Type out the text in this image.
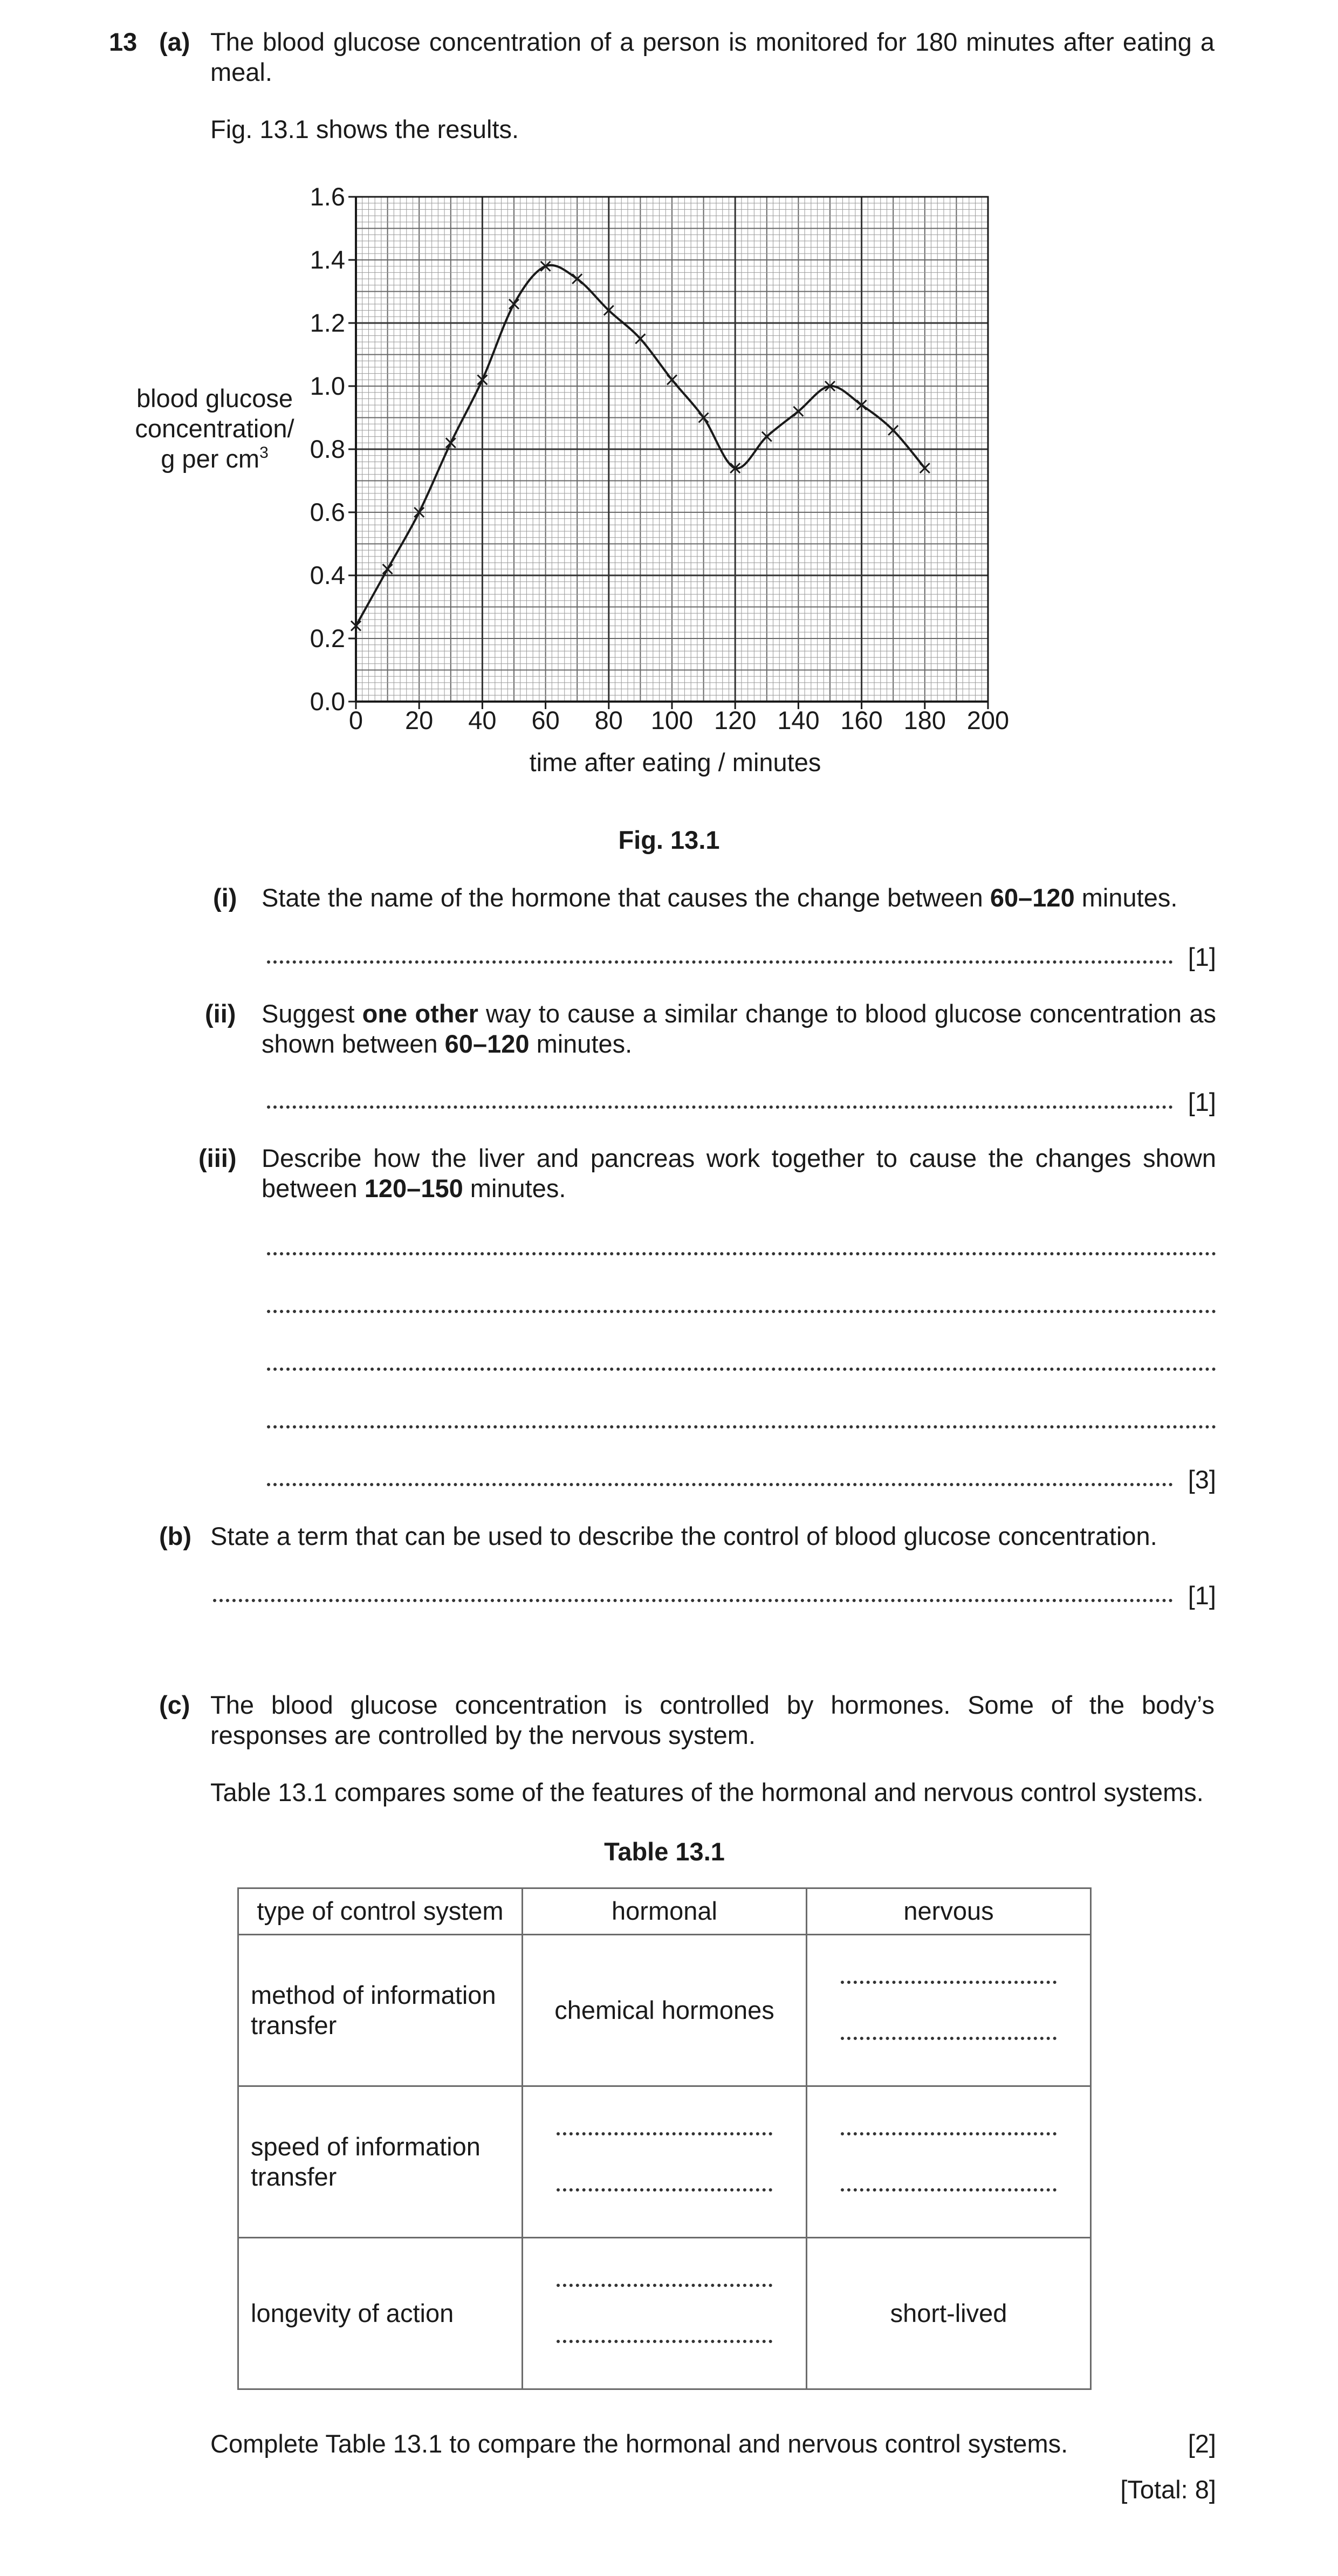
13 (a) The blood glucose concentration of a person is monitored for 180 minutes after eating a meal.
Fig. 13.1 shows the results.
0.0
0.2
0.4
0.6
0.8
1.0
1.2
1.4
1.6
0 20 40 60 80 100 120 140 160 180 200
blood glucose
concentration/
g per $cm^3$
time after eating / minutes
Fig. 13.1
(i) State the name of the hormone that causes the change between 60–120 minutes.
[1]
(ii) Suggest one other way to cause a similar change to blood glucose concentration as shown between 60–120 minutes.
[1]
(iii) Describe how the liver and pancreas work together to cause the changes shown between 120–150 minutes.
[3]
(b) State a term that can be used to describe the control of blood glucose concentration.
[1]
(c) The blood glucose concentration is controlled by hormones. Some of the body’s responses are controlled by the nervous system.
Table 13.1 compares some of the features of the hormonal and nervous control systems.
Table 13.1
type of control system	hormonal	nervous
method of information transfer	chemical hormones	

speed of information transfer	

longevity of action		short-lived
Complete Table 13.1 to compare the hormonal and nervous control systems.	[2]
[Total: 8]
